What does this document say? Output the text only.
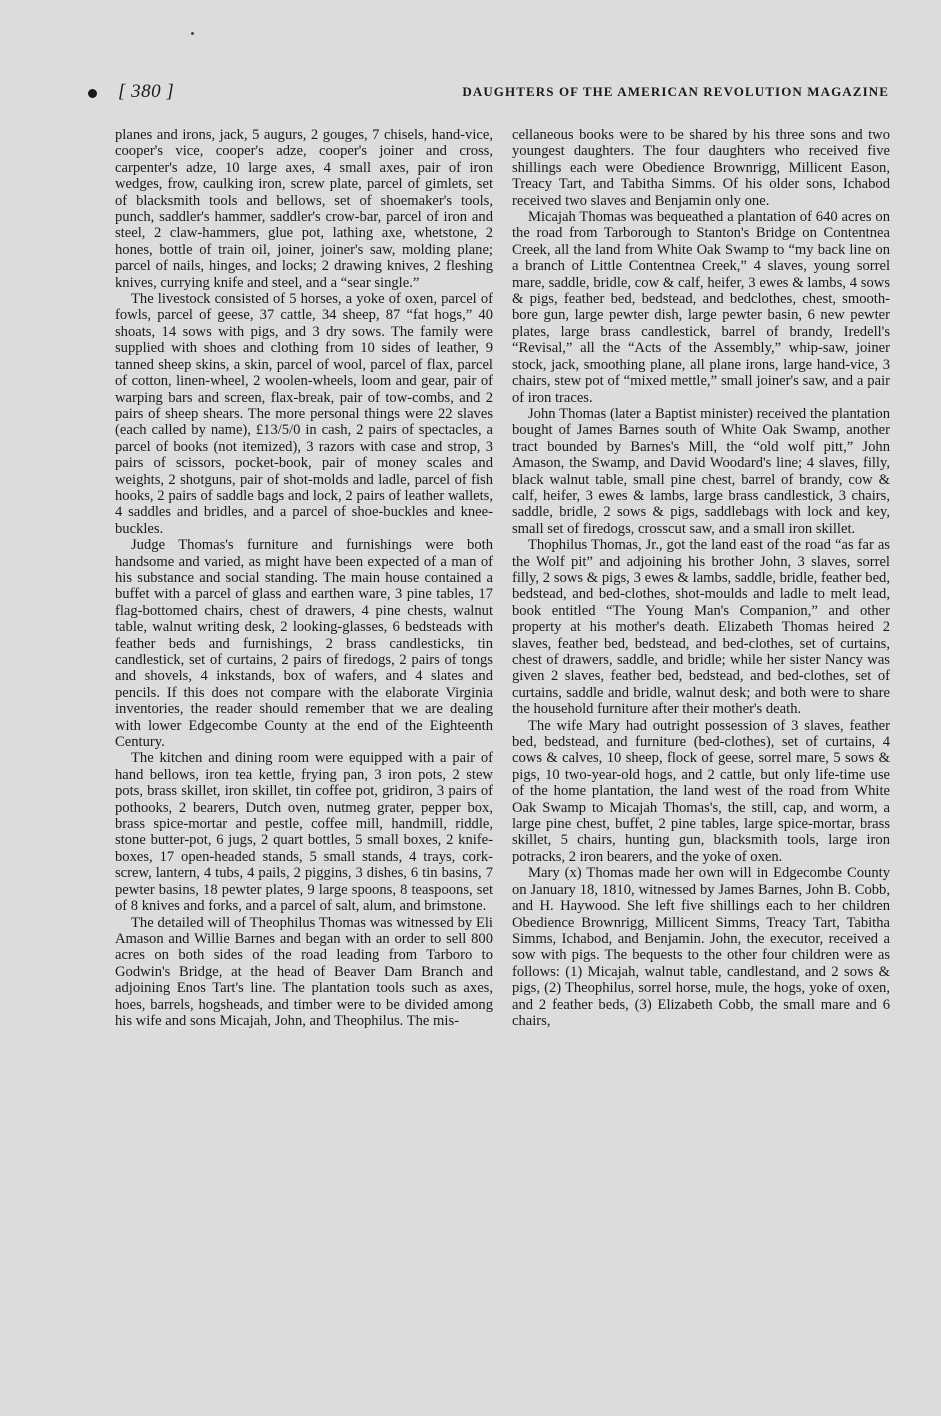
[ 380 ]	DAUGHTERS OF THE AMERICAN REVOLUTION MAGAZINE

planes and irons, jack, 5 augurs, 2 gouges, 7 chisels, hand-vice, cooper's vice, cooper's adze, cooper's joiner and cross, carpenter's adze, 10 large axes, 4 small axes, pair of iron wedges, frow, caulking iron, screw plate, parcel of gimlets, set of blacksmith tools and bellows, set of shoemaker's tools, punch, saddler's hammer, saddler's crow-bar, parcel of iron and steel, 2 claw-hammers, glue pot, lathing axe, whetstone, 2 hones, bottle of train oil, joiner, joiner's saw, molding plane; parcel of nails, hinges, and locks; 2 drawing knives, 2 fleshing knives, currying knife and steel, and a “sear single.”

The livestock consisted of 5 horses, a yoke of oxen, parcel of fowls, parcel of geese, 37 cattle, 34 sheep, 87 “fat hogs,” 40 shoats, 14 sows with pigs, and 3 dry sows. The family were supplied with shoes and clothing from 10 sides of leather, 9 tanned sheep skins, a skin, parcel of wool, parcel of flax, parcel of cotton, linen-wheel, 2 woolen-wheels, loom and gear, pair of warping bars and screen, flax-break, pair of tow-combs, and 2 pairs of sheep shears. The more personal things were 22 slaves (each called by name), £13/5/0 in cash, 2 pairs of spectacles, a parcel of books (not itemized), 3 razors with case and strop, 3 pairs of scissors, pocket-book, pair of money scales and weights, 2 shotguns, pair of shot-molds and ladle, parcel of fish hooks, 2 pairs of saddle bags and lock, 2 pairs of leather wallets, 4 saddles and bridles, and a parcel of shoe-buckles and knee-buckles.

Judge Thomas's furniture and furnishings were both handsome and varied, as might have been expected of a man of his substance and social standing. The main house contained a buffet with a parcel of glass and earthen ware, 3 pine tables, 17 flag-bottomed chairs, chest of drawers, 4 pine chests, walnut table, walnut writing desk, 2 looking-glasses, 6 bedsteads with feather beds and furnishings, 2 brass candlesticks, tin candlestick, set of curtains, 2 pairs of firedogs, 2 pairs of tongs and shovels, 4 inkstands, box of wafers, and 4 slates and pencils. If this does not compare with the elaborate Virginia inventories, the reader should remember that we are dealing with lower Edgecombe County at the end of the Eighteenth Century.

The kitchen and dining room were equipped with a pair of hand bellows, iron tea kettle, frying pan, 3 iron pots, 2 stew pots, brass skillet, iron skillet, tin coffee pot, gridiron, 3 pairs of pothooks, 2 bearers, Dutch oven, nutmeg grater, pepper box, brass spice-mortar and pestle, coffee mill, handmill, riddle, stone butter-pot, 6 jugs, 2 quart bottles, 5 small boxes, 2 knife-boxes, 17 open-headed stands, 5 small stands, 4 trays, cork-screw, lantern, 4 tubs, 4 pails, 2 piggins, 3 dishes, 6 tin basins, 7 pewter basins, 18 pewter plates, 9 large spoons, 8 teaspoons, set of 8 knives and forks, and a parcel of salt, alum, and brimstone.

The detailed will of Theophilus Thomas was witnessed by Eli Amason and Willie Barnes and began with an order to sell 800 acres on both sides of the road leading from Tarboro to Godwin's Bridge, at the head of Beaver Dam Branch and adjoining Enos Tart's line. The plantation tools such as axes, hoes, barrels, hogsheads, and timber were to be divided among his wife and sons Micajah, John, and Theophilus. The mis-

cellaneous books were to be shared by his three sons and two youngest daughters. The four daughters who received five shillings each were Obedience Brownrigg, Millicent Eason, Treacy Tart, and Tabitha Simms. Of his older sons, Ichabod received two slaves and Benjamin only one.

Micajah Thomas was bequeathed a plantation of 640 acres on the road from Tarborough to Stanton's Bridge on Contentnea Creek, all the land from White Oak Swamp to “my back line on a branch of Little Contentnea Creek,” 4 slaves, young sorrel mare, saddle, bridle, cow & calf, heifer, 3 ewes & lambs, 4 sows & pigs, feather bed, bedstead, and bedclothes, chest, smooth-bore gun, large pewter dish, large pewter basin, 6 new pewter plates, large brass candlestick, barrel of brandy, Iredell's “Revisal,” all the “Acts of the Assembly,” whip-saw, joiner stock, jack, smoothing plane, all plane irons, large hand-vice, 3 chairs, stew pot of “mixed mettle,” small joiner's saw, and a pair of iron traces.

John Thomas (later a Baptist minister) received the plantation bought of James Barnes south of White Oak Swamp, another tract bounded by Barnes's Mill, the “old wolf pitt,” John Amason, the Swamp, and David Woodard's line; 4 slaves, filly, black walnut table, small pine chest, barrel of brandy, cow & calf, heifer, 3 ewes & lambs, large brass candlestick, 3 chairs, saddle, bridle, 2 sows & pigs, saddlebags with lock and key, small set of firedogs, crosscut saw, and a small iron skillet.

Thophilus Thomas, Jr., got the land east of the road “as far as the Wolf pit” and adjoining his brother John, 3 slaves, sorrel filly, 2 sows & pigs, 3 ewes & lambs, saddle, bridle, feather bed, bedstead, and bed-clothes, shot-moulds and ladle to melt lead, book entitled “The Young Man's Companion,” and other property at his mother's death. Elizabeth Thomas heired 2 slaves, feather bed, bedstead, and bed-clothes, set of curtains, chest of drawers, saddle, and bridle; while her sister Nancy was given 2 slaves, feather bed, bedstead, and bed-clothes, set of curtains, saddle and bridle, walnut desk; and both were to share the household furniture after their mother's death.

The wife Mary had outright possession of 3 slaves, feather bed, bedstead, and furniture (bed-clothes), set of curtains, 4 cows & calves, 10 sheep, flock of geese, sorrel mare, 5 sows & pigs, 10 two-year-old hogs, and 2 cattle, but only life-time use of the home plantation, the land west of the road from White Oak Swamp to Micajah Thomas's, the still, cap, and worm, a large pine chest, buffet, 2 pine tables, large spice-mortar, brass skillet, 5 chairs, hunting gun, blacksmith tools, large iron potracks, 2 iron bearers, and the yoke of oxen.

Mary (x) Thomas made her own will in Edgecombe County on January 18, 1810, witnessed by James Barnes, John B. Cobb, and H. Haywood. She left five shillings each to her children Obedience Brownrigg, Millicent Simms, Treacy Tart, Tabitha Simms, Ichabod, and Benjamin. John, the executor, received a sow with pigs. The bequests to the other four children were as follows: (1) Micajah, walnut table, candlestand, and 2 sows & pigs, (2) Theophilus, sorrel horse, mule, the hogs, yoke of oxen, and 2 feather beds, (3) Elizabeth Cobb, the small mare and 6 chairs,
